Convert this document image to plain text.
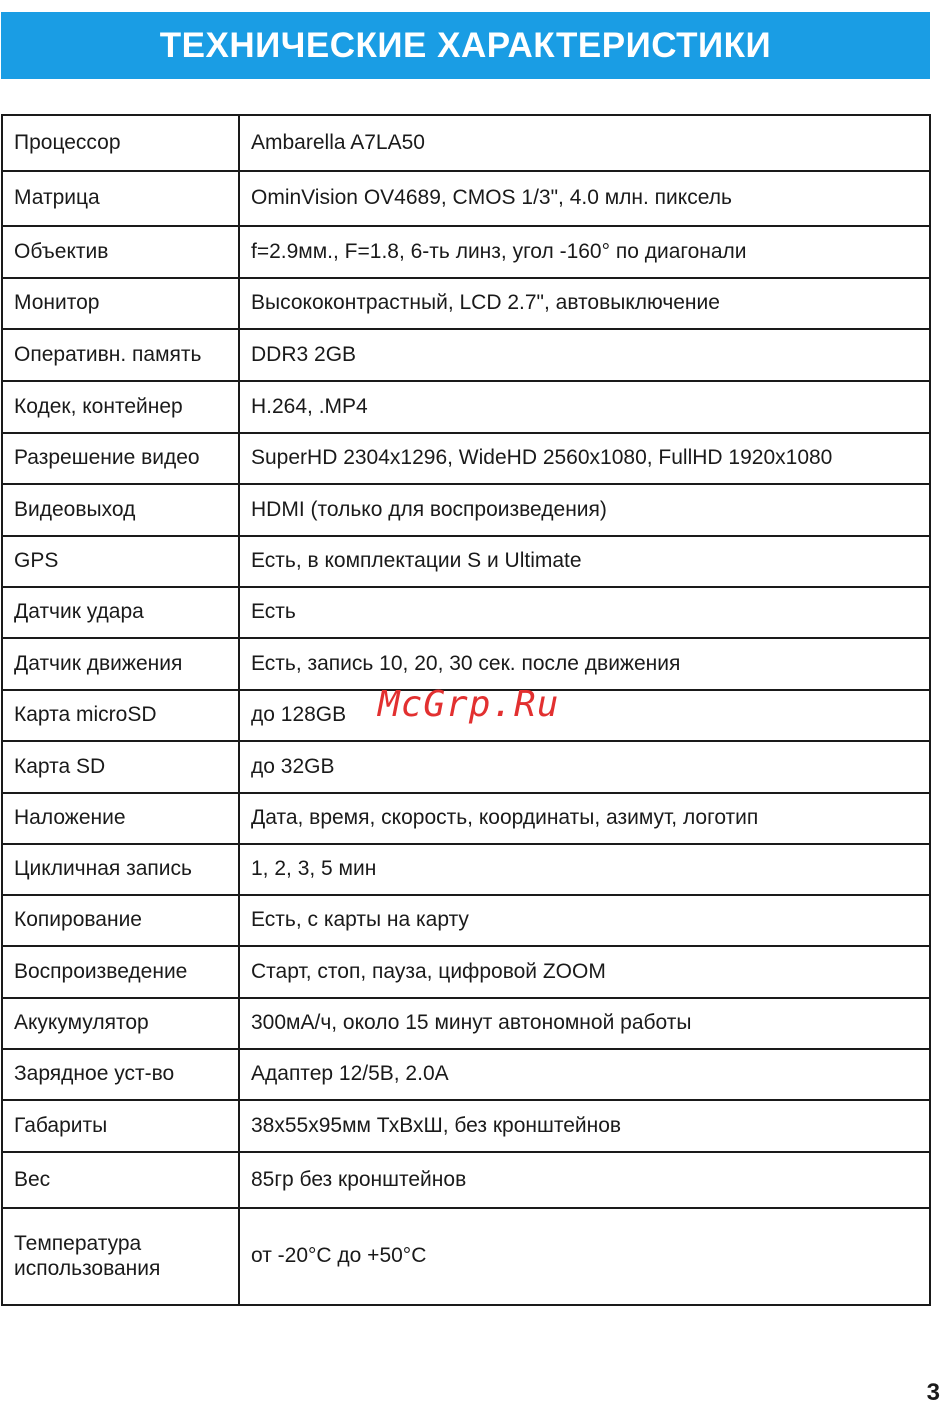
ТЕХНИЧЕСКИЕ ХАРАКТЕРИСТИКИ
Процессор	Ambarella A7LA50
Матрица	OminVision OV4689, CMOS 1/3", 4.0 млн. пиксель
Объектив	f=2.9мм., F=1.8, 6-ть линз, угол -160° по диагонали
Монитор	Высококонтрастный, LCD 2.7", автовыключение
Оперативн. память	DDR3 2GB
Кодек, контейнер	H.264, .MP4
Разрешение видео	SuperHD 2304x1296, WideHD 2560x1080, FullHD 1920x1080
Видеовыход	HDMI (только для воспроизведения)
GPS	Есть, в комплектации S и Ultimate
Датчик удара	Есть
Датчик движения	Есть, запись 10, 20, 30 сек. после движения
Карта microSD	до 128GB
Карта SD	до 32GB
Наложение	Дата, время, скорость, координаты, азимут, логотип
Цикличная запись	1, 2, 3, 5 мин
Копирование	Есть, с карты на карту
Воспроизведение	Старт, стоп, пауза, цифровой ZOOM
Акукумулятор	300мА/ч, около 15 минут автономной работы
Зарядное уст-во	Адаптер 12/5В, 2.0А
Габариты	38x55x95мм ТхВхШ, без кронштейнов
Вес	85гр без кронштейнов
Температура
использования	от -20°С до +50°С
McGrp.Ru
3
